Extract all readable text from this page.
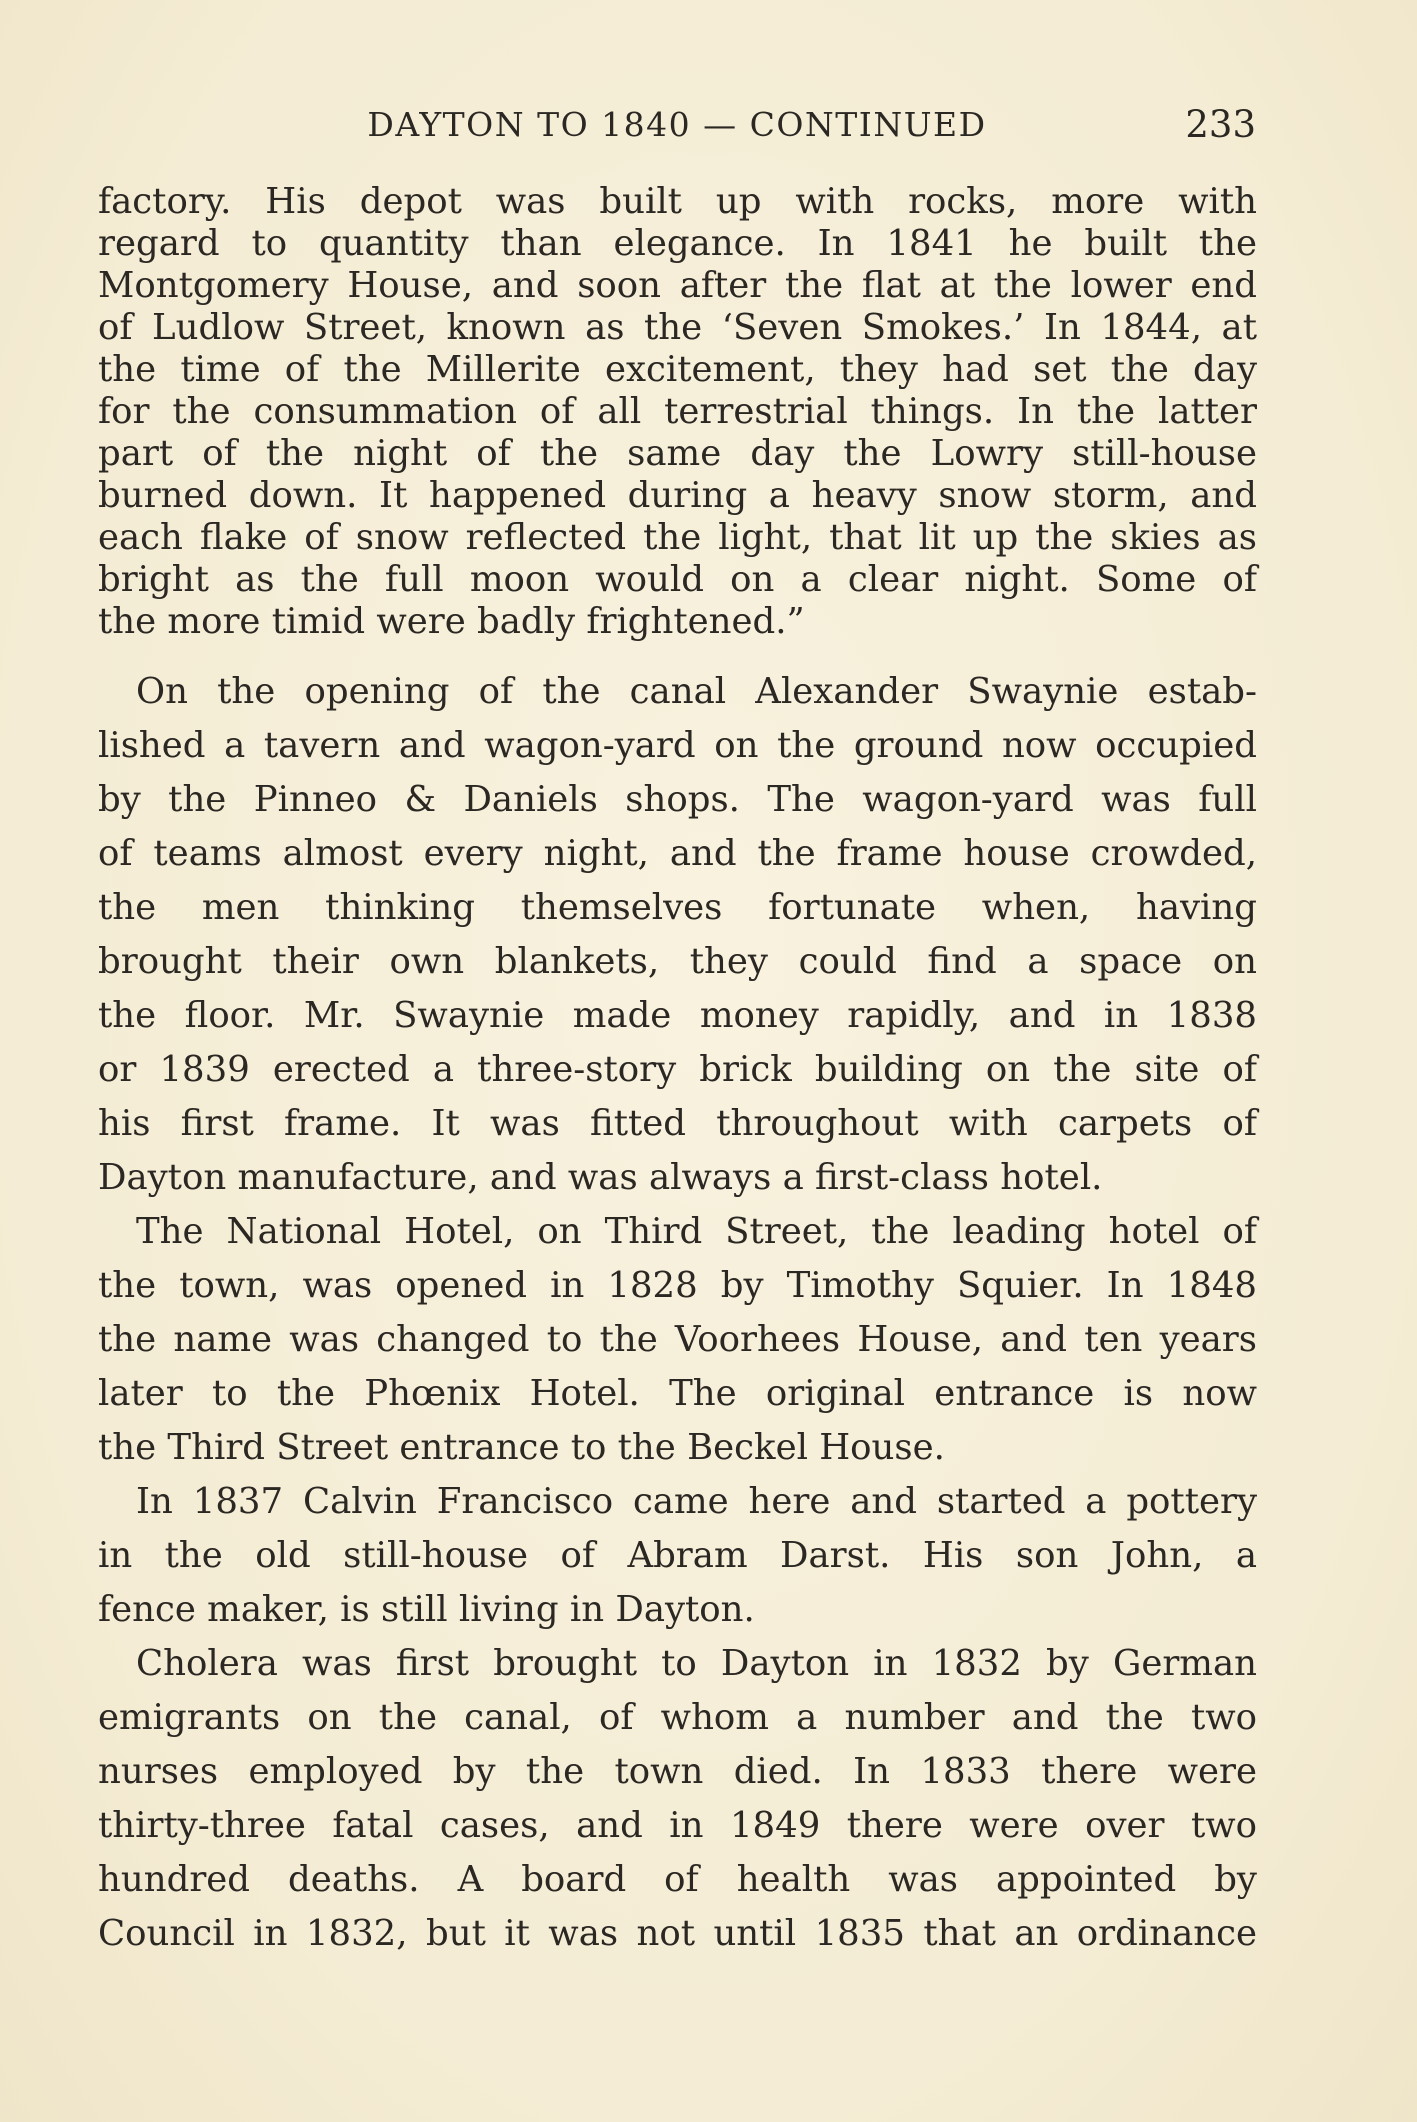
DAYTON TO 1840 — CONTINUED	233
factory. His depot was built up with rocks, more with
regard to quantity than elegance. In 1841 he built the
Montgomery House, and soon after the flat at the lower end
of Ludlow Street, known as the ‘Seven Smokes.’ In 1844, at
the time of the Millerite excitement, they had set the day
for the consummation of all terrestrial things. In the latter
part of the night of the same day the Lowry still-house
burned down. It happened during a heavy snow storm, and
each flake of snow reflected the light, that lit up the skies as
bright as the full moon would on a clear night. Some of
the more timid were badly frightened.”
On the opening of the canal Alexander Swaynie estab-
lished a tavern and wagon-yard on the ground now occupied
by the Pinneo & Daniels shops. The wagon-yard was full
of teams almost every night, and the frame house crowded,
the men thinking themselves fortunate when, having
brought their own blankets, they could find a space on
the floor. Mr. Swaynie made money rapidly, and in 1838
or 1839 erected a three-story brick building on the site of
his first frame. It was fitted throughout with carpets of
Dayton manufacture, and was always a first-class hotel.
The National Hotel, on Third Street, the leading hotel of
the town, was opened in 1828 by Timothy Squier. In 1848
the name was changed to the Voorhees House, and ten years
later to the Phœnix Hotel. The original entrance is now
the Third Street entrance to the Beckel House.
In 1837 Calvin Francisco came here and started a pottery
in the old still-house of Abram Darst. His son John, a
fence maker, is still living in Dayton.
Cholera was first brought to Dayton in 1832 by German
emigrants on the canal, of whom a number and the two
nurses employed by the town died. In 1833 there were
thirty-three fatal cases, and in 1849 there were over two
hundred deaths. A board of health was appointed by
Council in 1832, but it was not until 1835 that an ordinance
